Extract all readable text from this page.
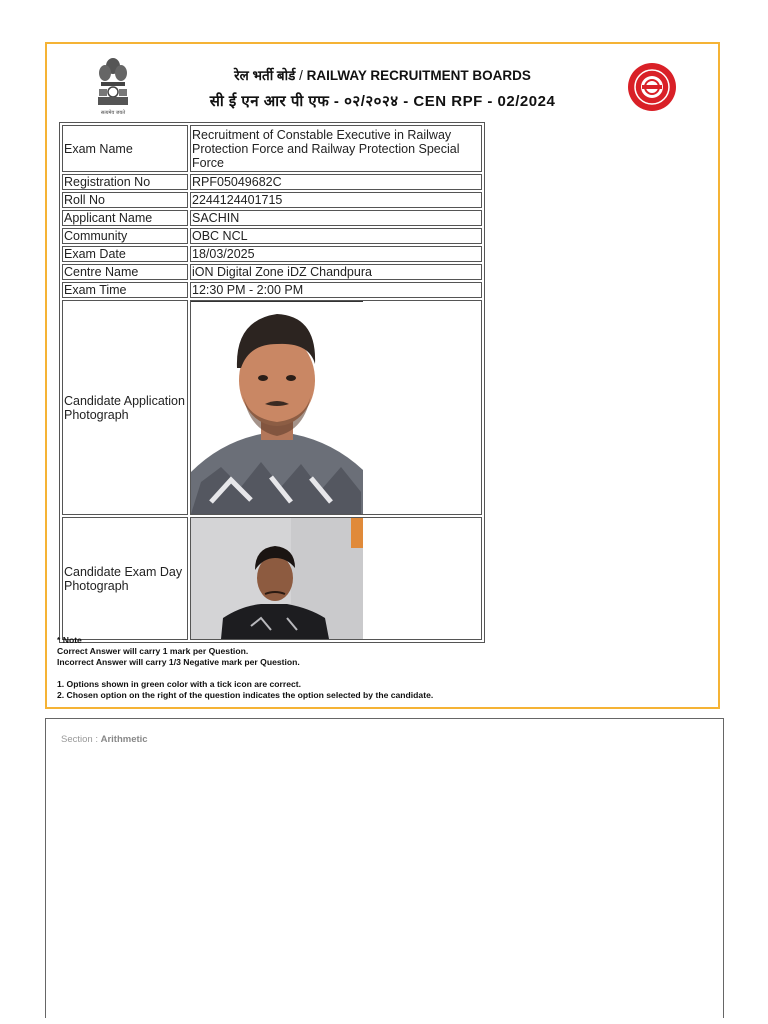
सत्यमेव जयते
रेल भर्ती बोर्ड / RAILWAY RECRUITMENT BOARDS
सी ई एन आर पी एफ - ०२/२०२४ - CEN RPF - 02/2024
Exam Name	Recruitment of Constable Executive in Railway Protection Force and Railway Protection Special Force
Registration No	RPF05049682C
Roll No	2244124401715
Applicant Name	SACHIN
Community	OBC NCL
Exam Date	18/03/2025
Centre Name	iON Digital Zone iDZ Chandpura
Exam Time	12:30 PM - 2:00 PM
Candidate Application Photograph	

Candidate Exam Day Photograph	
* Note
Correct Answer will carry 1 mark per Question.
Incorrect Answer will carry 1/3 Negative mark per Question.
1. Options shown in green color with a tick icon are correct.
2. Chosen option on the right of the question indicates the option selected by the candidate.
Section : Arithmetic
